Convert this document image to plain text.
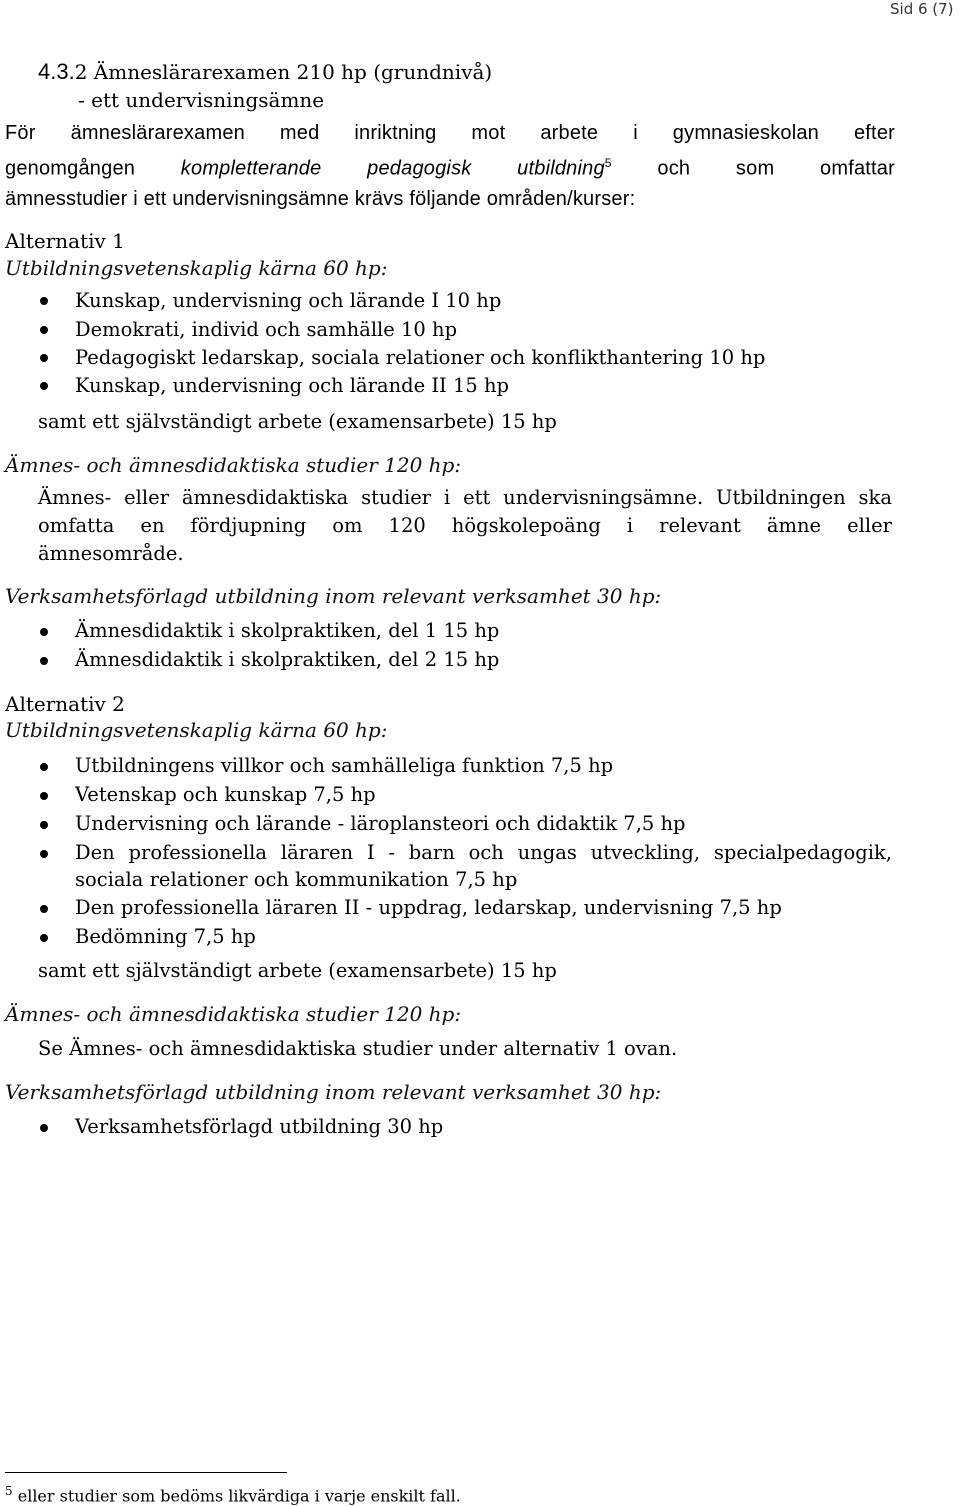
Sid 6 (7)
4.3.2 Ämneslärarexamen 210 hp (grundnivå)
- ett undervisningsämne
För ämneslärarexamen med inriktning mot arbete i gymnasieskolan efter
genomgången kompletterande pedagogisk utbildning$^5$ och som omfattar
ämnesstudier i ett undervisningsämne krävs följande områden/kurser:
Alternativ 1
Utbildningsvetenskaplig kärna 60 hp:
Kunskap, undervisning och lärande I 10 hp
Demokrati, individ och samhälle 10 hp
Pedagogiskt ledarskap, sociala relationer och konflikthantering 10 hp
Kunskap, undervisning och lärande II 15 hp
samt ett självständigt arbete (examensarbete) 15 hp
Ämnes- och ämnesdidaktiska studier 120 hp:
Ämnes- eller ämnesdidaktiska studier i ett undervisningsämne. Utbildningen ska
omfatta en fördjupning om 120 högskolepoäng i relevant ämne eller
ämnesområde.
Verksamhetsförlagd utbildning inom relevant verksamhet 30 hp:
Ämnesdidaktik i skolpraktiken, del 1 15 hp
Ämnesdidaktik i skolpraktiken, del 2 15 hp
Alternativ 2
Utbildningsvetenskaplig kärna 60 hp:
Utbildningens villkor och samhälleliga funktion 7,5 hp
Vetenskap och kunskap 7,5 hp
Undervisning och lärande - läroplansteori och didaktik 7,5 hp
Den professionella läraren I - barn och ungas utveckling, specialpedagogik,
sociala relationer och kommunikation 7,5 hp
Den professionella läraren II - uppdrag, ledarskap, undervisning 7,5 hp
Bedömning 7,5 hp
samt ett självständigt arbete (examensarbete) 15 hp
Ämnes- och ämnesdidaktiska studier 120 hp:
Se Ämnes- och ämnesdidaktiska studier under alternativ 1 ovan.
Verksamhetsförlagd utbildning inom relevant verksamhet 30 hp:
Verksamhetsförlagd utbildning 30 hp
$^5$ eller studier som bedöms likvärdiga i varje enskilt fall.
